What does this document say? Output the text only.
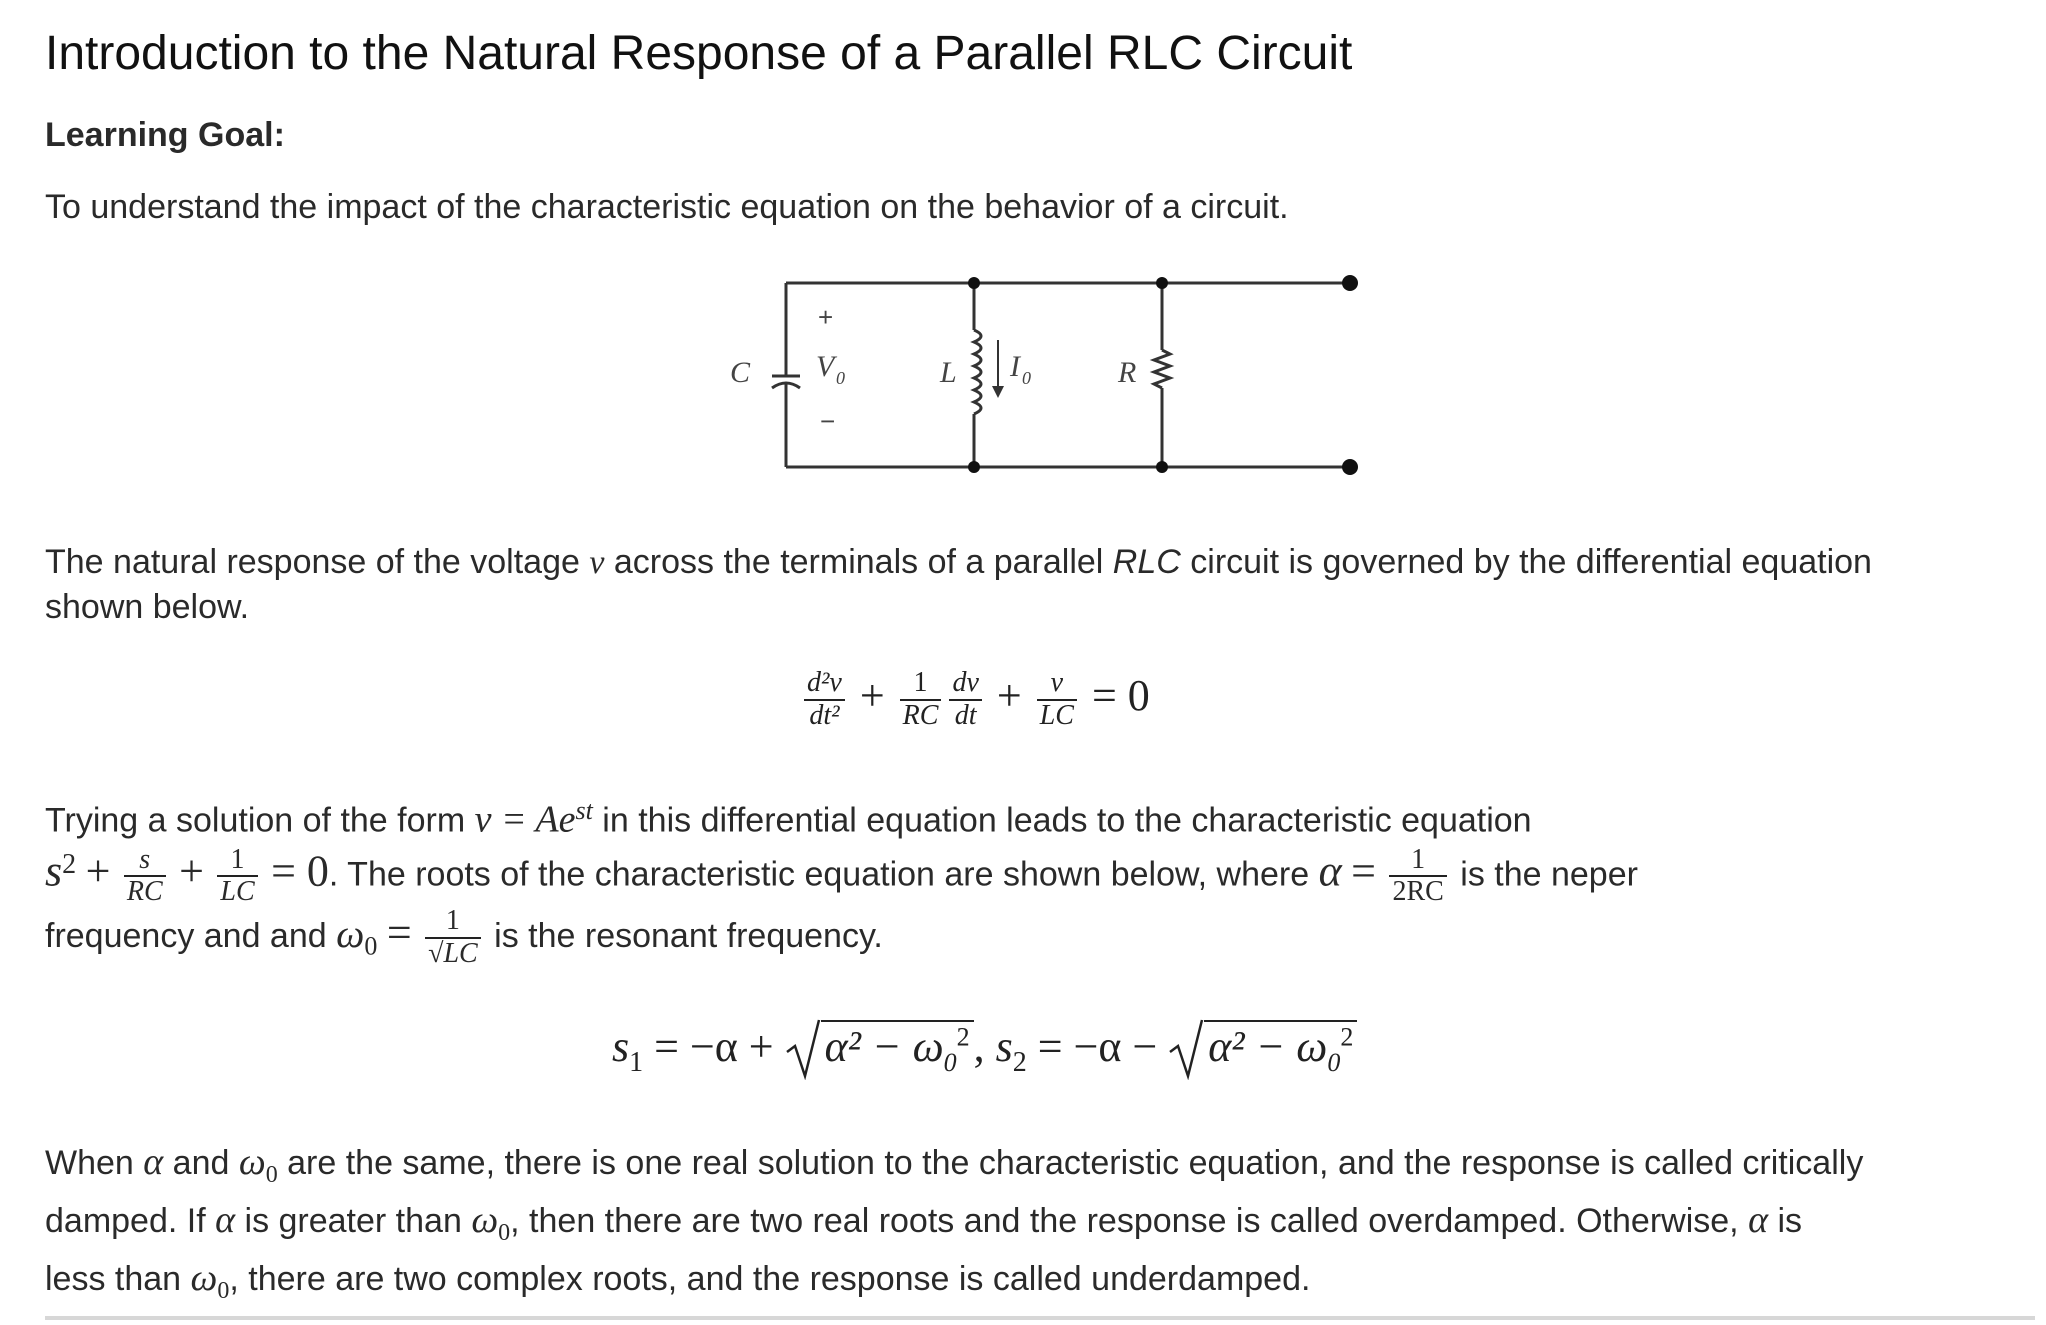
Introduction to the Natural Response of a Parallel RLC Circuit
Learning Goal:
To understand the impact of the characteristic equation on the behavior of a circuit.
C V 0	L I 0	R
+
−
The natural response of the voltage v across the terminals of a parallel RLC circuit is governed by the differential equation
shown below.
$\frac{\text{d²v}}{\text{dt²}} + \frac{1}{RC} \frac{dv}{dt} + \frac{v}{LC} = 0$
Trying a solution of the form $v = Ae^{st}$ in this differential equation leads to the characteristic equation
$s^2 + \frac{s}{RC} + \frac{1}{LC} = 0$. The roots of the characteristic equation are shown below, where $\alpha = \frac{1}{2RC}$ is the neper
frequency and and $\omega_0 = \frac{1}{√LC}$ is the resonant frequency.
$s_1 = -\alpha$ +
$\alpha^2 - \omega_0^2$, $s_2 = -\alpha$ −
$\alpha^2 - \omega_0^2$
When α and $\omega_0$ are the same, there is one real solution to the characteristic equation, and the response is called critically
damped. If α is greater than $\omega_0$, then there are two real roots and the response is called overdamped. Otherwise, α is
less than $\omega_0$, there are two complex roots, and the response is called underdamped.
